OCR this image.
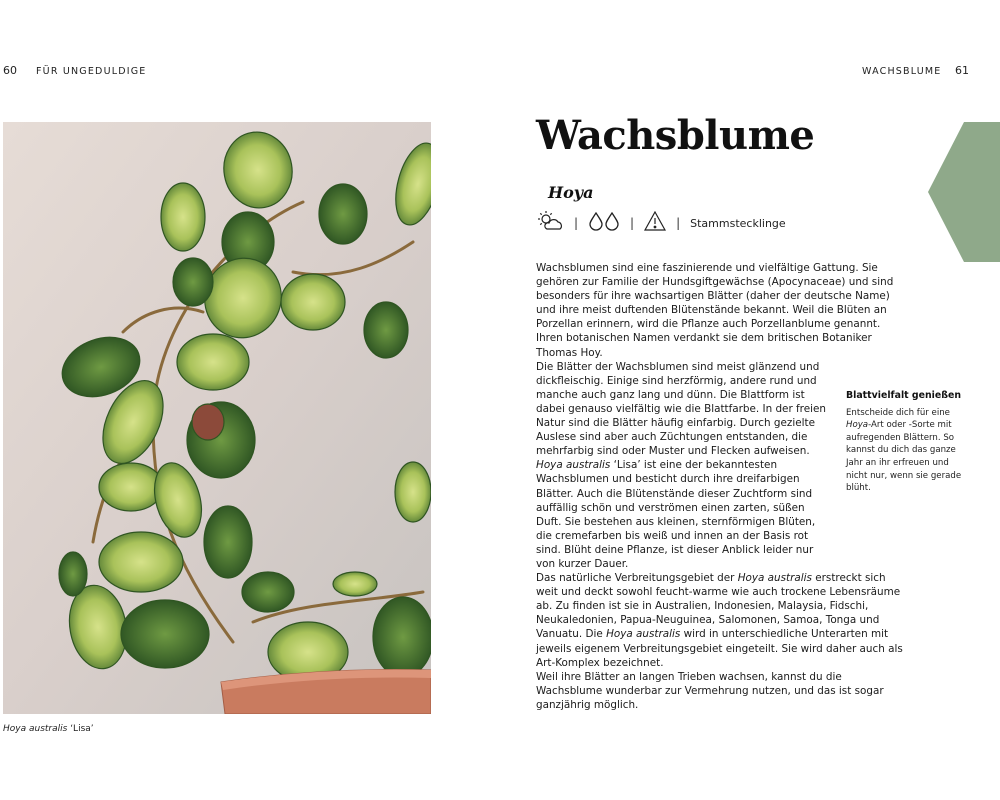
60 FÜR UNGEDULDIGE	WACHSBLUME 61
Hoya australis ‘Lisa’
Wachsblume
Hoya
|	|	| Stammstecklinge

Wachsblumen sind eine faszinierende und vielfältige Gattung. Sie gehören zur Familie der Hundsgiftgewächse (Apocynaceae) und sind besonders für ihre wachsartigen Blätter (daher der deutsche Name) und ihre meist duftenden Blütenstände bekannt. Weil die Blüten an Porzellan erinnern, wird die Pflanze auch Porzellanblume genannt. Ihren botanischen Namen verdankt sie dem britischen Botaniker Thomas Hoy.

Die Blätter der Wachsblumen sind meist glänzend und dickfleischig. Einige sind herzförmig, andere rund und manche auch ganz lang und dünn. Die Blattform ist dabei genauso vielfältig wie die Blattfarbe. In der freien Natur sind die Blätter häufig einfarbig. Durch gezielte Auslese sind aber auch Züchtungen entstanden, die mehrfarbig sind oder Muster und Flecken aufweisen.

Hoya australis ‘Lisa’ ist eine der bekanntesten Wachsblumen und besticht durch ihre dreifarbigen Blätter. Auch die Blütenstände dieser Zuchtform sind auffällig schön und verströmen einen zarten, süßen Duft. Sie bestehen aus kleinen, sternförmigen Blüten, die cremefarben bis weiß und innen an der Basis rot sind. Blüht deine Pflanze, ist dieser Anblick leider nur von kurzer Dauer.

Das natürliche Verbreitungsgebiet der Hoya australis erstreckt sich weit und deckt sowohl feucht-warme wie auch trockene Lebensräume ab. Zu finden ist sie in Australien, Indonesien, Malaysia, Fidschi, Neukaledonien, Papua-Neuguinea, Salomonen, Samoa, Tonga und Vanuatu. Die Hoya australis wird in unterschiedliche Unterarten mit jeweils eigenem Verbreitungsgebiet eingeteilt. Sie wird daher auch als Art-Komplex bezeichnet.

Weil ihre Blätter an langen Trieben wachsen, kannst du die Wachsblume wunderbar zur Vermehrung nutzen, und das ist sogar ganzjährig möglich.

Blattvielfalt genießen
Entscheide dich für eine Hoya-Art oder -Sorte mit aufregenden Blättern. So kannst du dich das ganze Jahr an ihr erfreuen und nicht nur, wenn sie gerade blüht.
